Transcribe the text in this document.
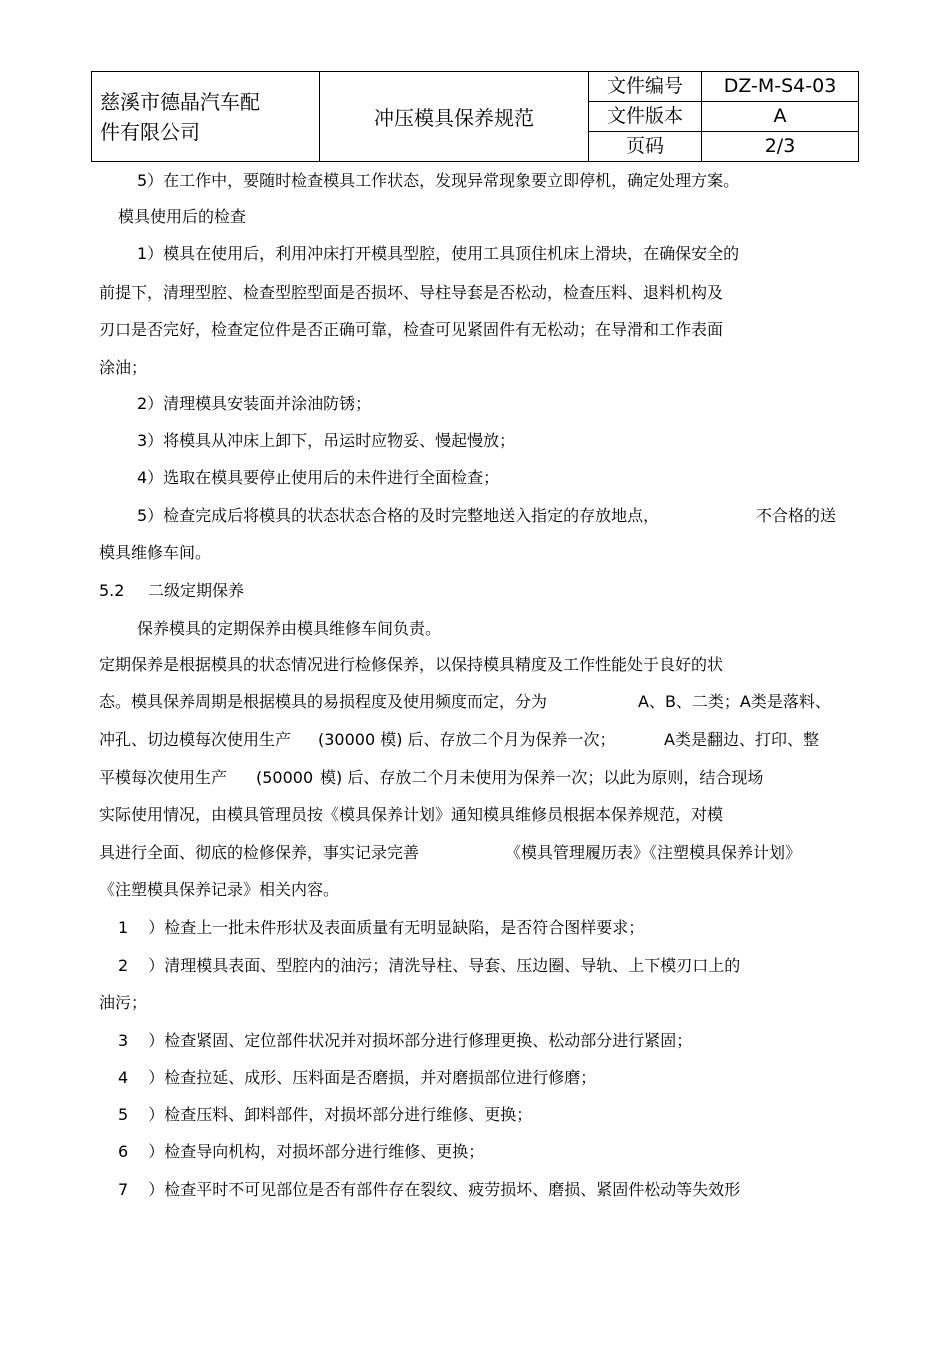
慈溪市德晶汽车配
件有限公司	冲压模具保养规范	文件编号	DZ-M-S4-03
		文件版本	A
		页码	2/3
5）在工作中，要随时检查模具工作状态，发现异常现象要立即停机，确定处理方案。
模具使用后的检查
1）模具在使用后，利用冲床打开模具型腔，使用工具顶住机床上滑块，在确保安全的
前提下，清理型腔、检查型腔型面是否损坏、导柱导套是否松动，检查压料、退料机构及
刃口是否完好，检查定位件是否正确可靠，检查可见紧固件有无松动；在导滑和工作表面
涂油；
2）清理模具安装面并涂油防锈；
3）将模具从冲床上卸下，吊运时应物妥、慢起慢放；
4）选取在模具要停止使用后的未件进行全面检查；
5）检查完成后将模具的状态状态合格的及时完整地送入指定的存放地点，	不合格的送
模具维修车间。
5.2 二级定期保养
保养模具的定期保养由模具维修车间负责。
定期保养是根据模具的状态情况进行检修保养，以保持模具精度及工作性能处于良好的状
态。模具保养周期是根据模具的易损程度及使用频度而定，分为	A、B、二类；A类是落料、
冲孔、切边模每次使用生产 (30000 模) 后、存放二个月为保养一次；	A类是翻边、打印、整
平模每次使用生产 (50000 模) 后、存放二个月未使用为保养一次；以此为原则，结合现场
实际使用情况，由模具管理员按《模具保养计划》通知模具维修员根据本保养规范，对模
具进行全面、彻底的检修保养，事实记录完善	《模具管理履历表》《注塑模具保养计划》
《注塑模具保养记录》相关内容。
1 ）检查上一批未件形状及表面质量有无明显缺陷，是否符合图样要求；
2 ）清理模具表面、型腔内的油污；清洗导柱、导套、压边圈、导轨、上下模刃口上的
油污；
3 ）检查紧固、定位部件状况并对损坏部分进行修理更换、松动部分进行紧固；
4 ）检查拉延、成形、压料面是否磨损，并对磨损部位进行修磨；
5 ）检查压料、卸料部件，对损坏部分进行维修、更换；
6 ）检查导向机构，对损坏部分进行维修、更换；
7 ）检查平时不可见部位是否有部件存在裂纹、疲劳损坏、磨损、紧固件松动等失效形
